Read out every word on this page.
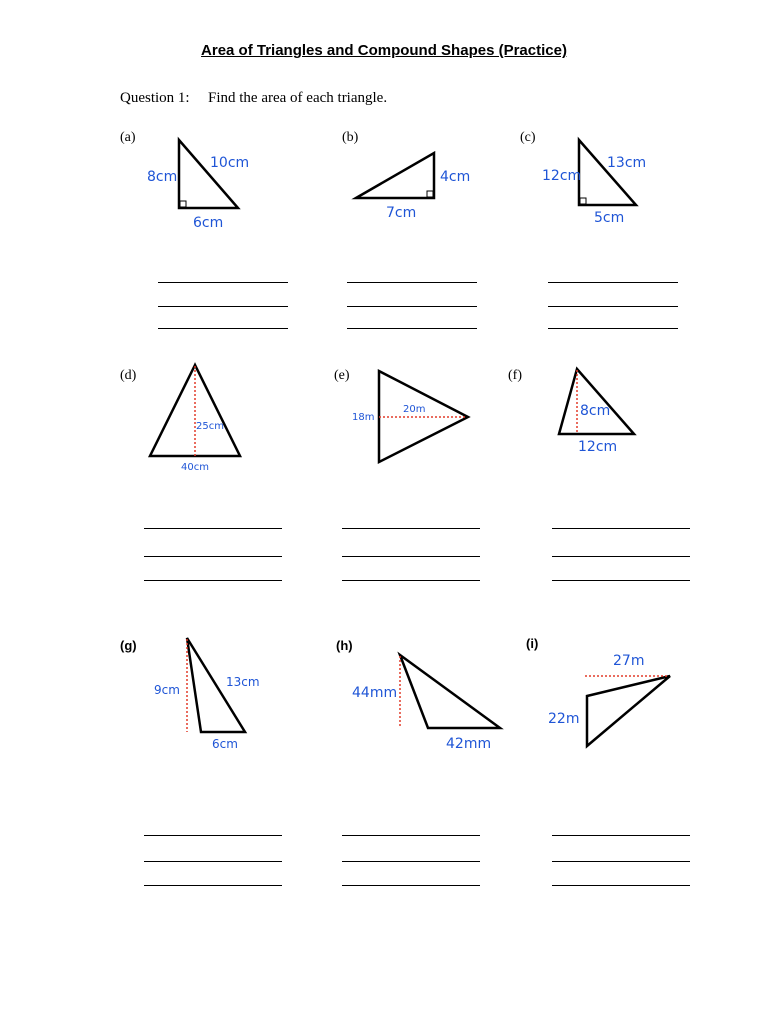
Area of Triangles and Compound Shapes (Practice)
Question 1: Find the area of each triangle.
(a)
8cm
10cm
6cm
(b)
4cm
7cm
(c)
12cm
13cm
5cm
(d)
25cm
40cm
(e)
20m
18m
(f)
8cm
12cm
(g)
9cm
13cm
6cm
(h)
44mm
42mm
(i)
27m
22m
